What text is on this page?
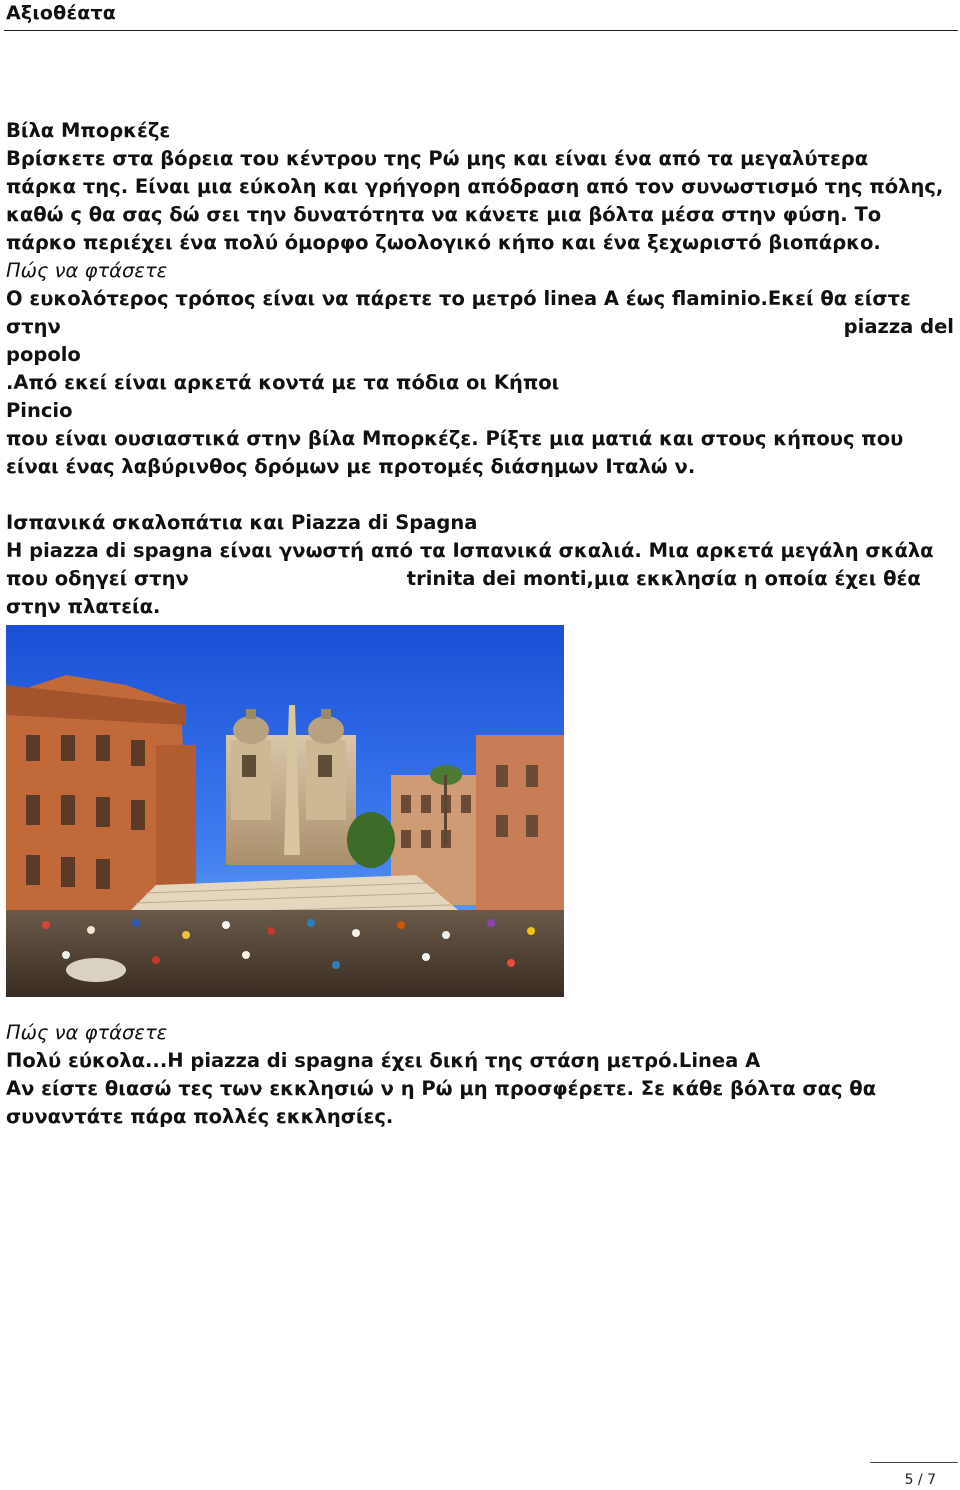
Αξιοθέατα
Βίλα Μπορκέζε
Βρίσκετε στα βόρεια του κέντρου της Ρώ μης και είναι ένα από τα μεγαλύτερα
πάρκα της. Είναι μια εύκολη και γρήγορη απόδραση από τον συνωστισμό της πόλης,
καθώ ς θα σας δώ σει την δυνατότητα να κάνετε μια βόλτα μέσα στην φύση. Το
πάρκο περιέχει ένα πολύ όμορφο ζωολογικό κήπο και ένα ξεχωριστό βιοπάρκο.
Πώς να φτάσετε
Ο ευκολότερος τρόπος είναι να πάρετε το μετρό linea A έως flaminio.Εκεί θα είστε
στην	piazza del
popolo
.Από εκεί είναι αρκετά κοντά με τα πόδια οι Κήποι
Pincio
που είναι ουσιαστικά στην βίλα Μπορκέζε. Ρίξτε μια ματιά και στους κήπους που
είναι ένας λαβύρινθος δρόμων με προτομές διάσημων Ιταλώ ν.
Ισπανικά σκαλοπάτια και Piazza di Spagna
Η piazza di spagna είναι γνωστή από τα Ισπανικά σκαλιά. Μια αρκετά μεγάλη σκάλα
που οδηγεί στην	trinita dei monti,μια εκκλησία η οποία έχει θέα
στην πλατεία.
Πώς να φτάσετε
Πολύ εύκολα...Η piazza di spagna έχει δική της στάση μετρό.Linea A
Αν είστε θιασώ τες των εκκλησιώ ν η Ρώ μη προσφέρετε. Σε κάθε βόλτα σας θα
συναντάτε πάρα πολλές εκκλησίες.
5 / 7
